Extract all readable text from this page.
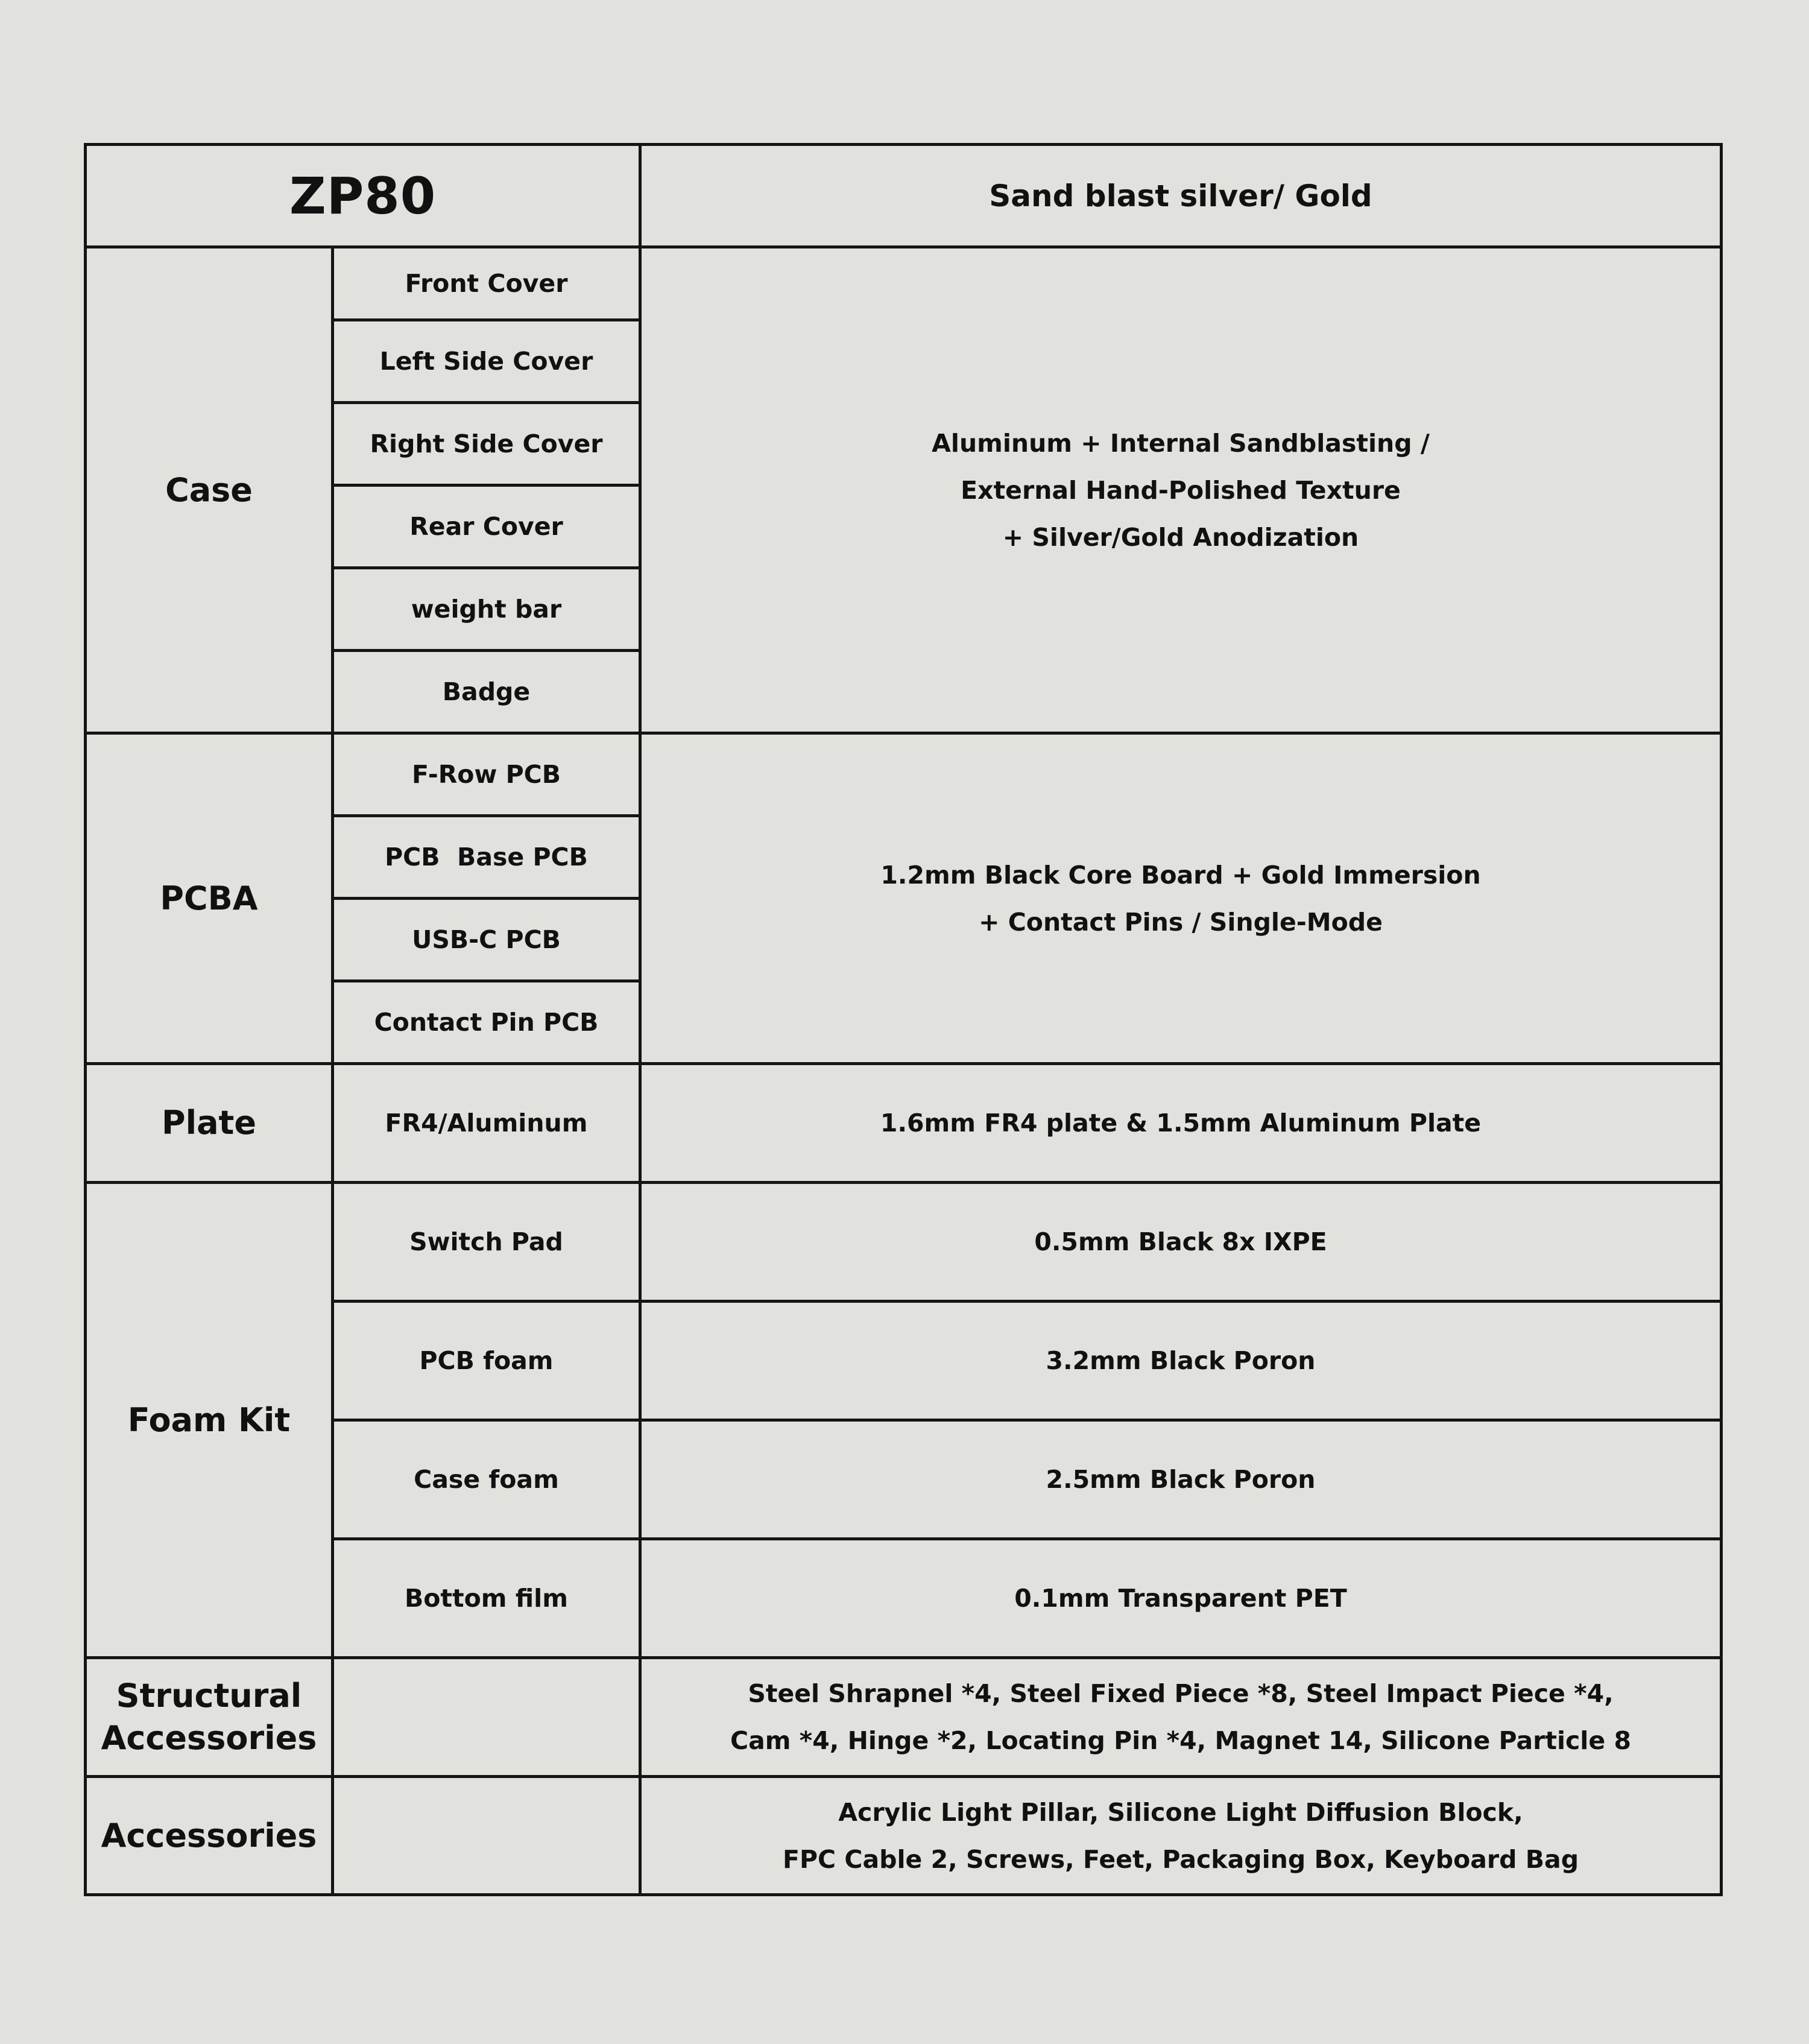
ZP80		Sand blast silver/ Gold
Case	Front Cover	Aluminum + Internal Sandblasting /
External Hand-Polished Texture
+ Silver/Gold Anodization

	Left Side Cover	
	Right Side Cover	
	Rear Cover	
	weight bar	
	Badge	
PCBA	F-Row PCB	1.2mm Black Core Board + Gold Immersion
+ Contact Pins / Single-Mode

	PCB  Base PCB	
	USB-C PCB	
	Contact Pin PCB	
Plate	FR4/Aluminum	1.6mm FR4 plate & 1.5mm Aluminum Plate
Foam Kit	Switch Pad	0.5mm Black 8x IXPE
	PCB foam	3.2mm Black Poron
	Case foam	2.5mm Black Poron
	Bottom film	0.1mm Transparent PET

Structural
Accessories		Steel Shrapnel *4, Steel Fixed Piece *8, Steel Impact Piece *4,
Cam *4, Hinge *2, Locating Pin *4, Magnet 14, Silicone Particle 8

Accessories		Acrylic Light Pillar, Silicone Light Diffusion Block,
FPC Cable 2, Screws, Feet, Packaging Box, Keyboard Bag
